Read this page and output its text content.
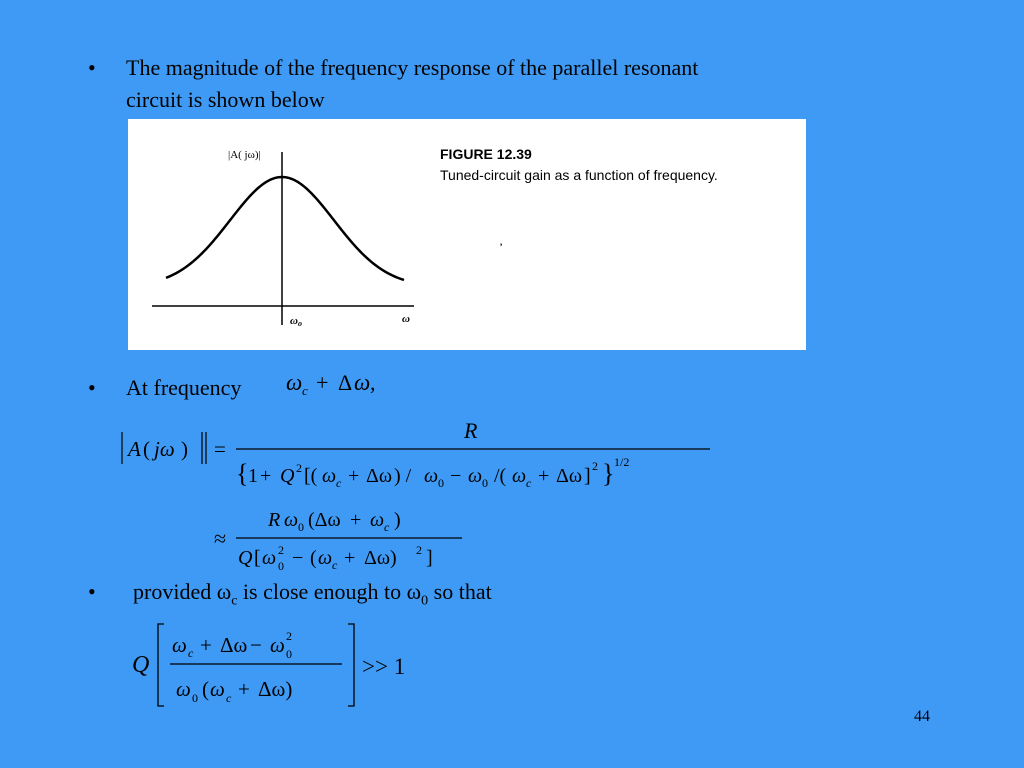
• The magnitude of the frequency response of the parallel resonant
circuit is shown below
|A( jω)|
ωo	ω
,
FIGURE 12.39
Tuned-circuit gain as a function of frequency.
• At frequency ω c + Δ ω ,
A ( jω ) =
R
{ 1 + Q 2 [( ω c + Δω ) / ω 0 − ω 0 /( ω c + Δω ] 2 } 1/2
≈
R ω 0 (Δω + ω c )
Q [ ω 2
0 − ( ω c + Δω) 2 ]
• provided $\omega_c$ is close enough to $\omega_0$ so that
Q
ω c + Δω − ω 2
0
ω 0 ( ω c + Δω)
>> 1
44
